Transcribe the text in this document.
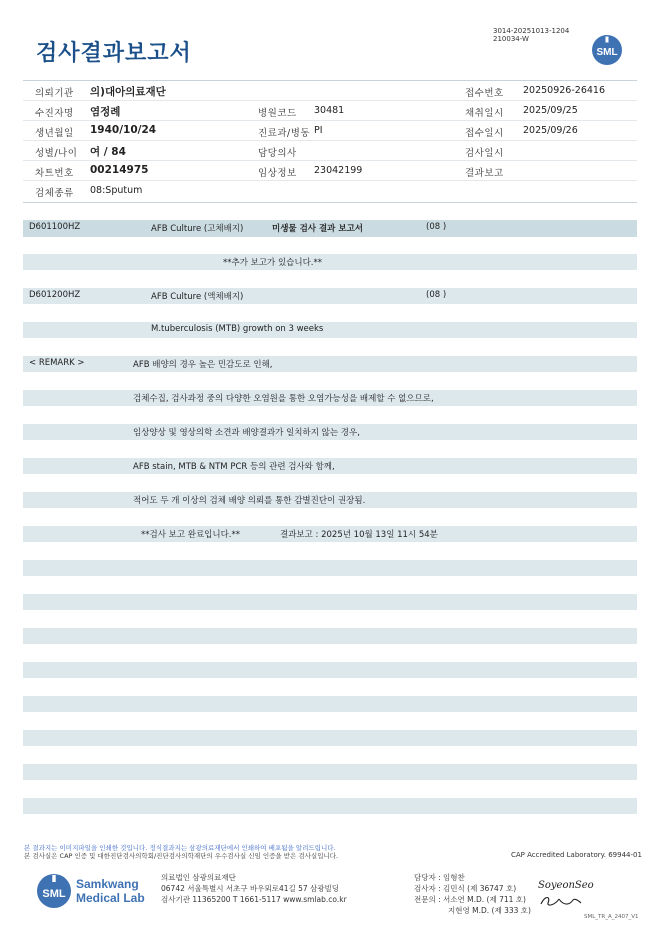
검사결과보고서
3014-20251013-1204
210034-W
SML
의뢰기관 의)대아의료재단	접수번호 20250926-26416
수진자명 염정례	병원코드 30481	채취일시 2025/09/25
생년월일 1940/10/24	진료과/병동 PI	접수일시 2025/09/26
성별/나이 여 / 84	담당의사	검사일시
차트번호 00214975	임상정보 23042199	결과보고
검체종류 08:Sputum
D601100HZ	AFB Culture (고체배지)	미생물 검사 결과 보고서	(08 )
**추가 보고가 있습니다.**
D601200HZ	AFB Culture (액체배지)	(08 )
M.tuberculosis (MTB) growth on 3 weeks
< REMARK >	AFB 배양의 경우 높은 민감도로 인해,
검체수집, 검사과정 중의 다양한 오염원을 통한 오염가능성을 배제할 수 없으므로,
임상양상 및 영상의학 소견과 배양결과가 일치하지 않는 경우,
AFB stain, MTB & NTM PCR 등의 관련 검사와 함께,
적어도 두 개 이상의 검체 배양 의뢰를 통한 감별진단이 권장됨.
**검사 보고 완료입니다.**	결과보고 : 2025년 10월 13일 11시 54분
본 결과지는 이미지파일을 인쇄한 것입니다. 정식결과지는 삼광의료재단에서 인쇄하여 배포됨을 알려드립니다.
본 검사실은 CAP 인증 및 대한진단검사의학회/진단검사의학재단의 우수검사실 신임 인증을 받은 검사실입니다.	CAP Accredited Laboratory. 69944-01
SML
Samkwang
Medical Lab
의료법인 삼광의료재단
06742 서울특별시 서초구 바우뫼로41길 57 삼광빌딩
검사기관 11365200 T 1661-5117 www.smlab.co.kr
담당자 : 임형찬
검사자 : 김민식 (제 36747 호)
전문의 : 서소연 M.D. (제 711 호)
지현영 M.D. (제 333 호)
SoyeonSeo
SML_TR_A_2407_V1
